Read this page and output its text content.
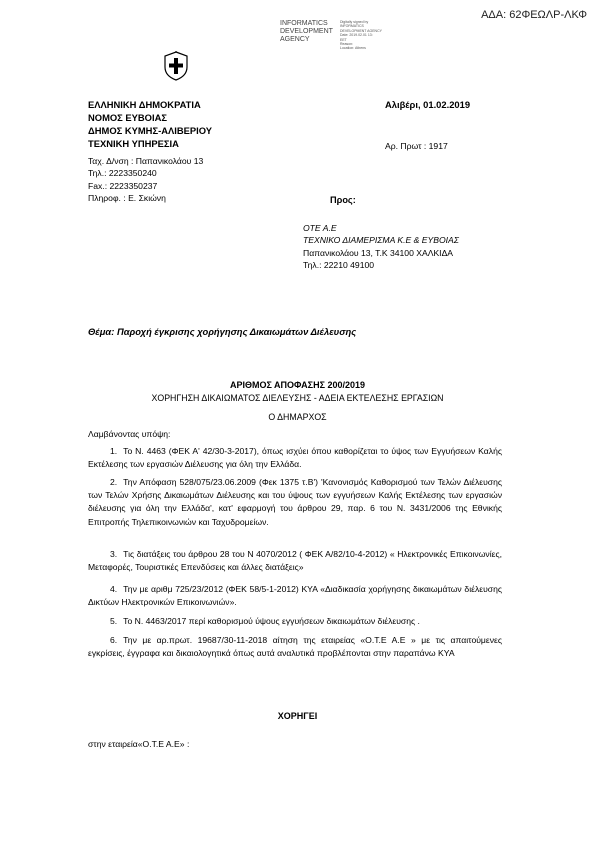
ΑΔΑ: 62ΦΕΩΛΡ-ΛΚΦ
INFORMATICS
DEVELOPMENT
AGENCY
Digitally signed by
INFORMATICS
DEVELOPMENT AGENCY
Date: 2019.02.01 13:
EET
Reason:
Location: Athens
ΕΛΛΗΝΙΚΗ ΔΗΜΟΚΡΑΤΙΑ
ΝΟΜΟΣ ΕΥΒΟΙΑΣ
ΔΗΜΟΣ ΚΥΜΗΣ-ΑΛΙΒΕΡΙΟΥ
ΤΕΧΝΙΚΗ ΥΠΗΡΕΣΙΑ
Αλιβέρι, 01.02.2019
Αρ. Πρωτ : 1917
Ταχ. Δ/νση : Παπανικολάου 13
Τηλ.: 2223350240
Fax.: 2223350237
Πληροφ. : Ε. Σκιώνη	Προς:
ΟΤΕ Α.Ε
ΤΕΧΝΙΚΟ ΔΙΑΜΕΡΙΣΜΑ Κ.Ε & ΕΥΒΟΙΑΣ
Παπανικολάου 13, Τ.Κ 34100 ΧΑΛΚΙΔΑ
Τηλ.: 22210 49100
Θέμα: Παροχή έγκρισης χορήγησης Δικαιωμάτων Διέλευσης
ΑΡΙΘΜΟΣ ΑΠΟΦΑΣΗΣ 200/2019
ΧΟΡΗΓΗΣΗ ΔΙΚΑΙΩΜΑΤΟΣ ΔΙΕΛΕΥΣΗΣ - ΑΔΕΙΑ ΕΚΤΕΛΕΣΗΣ ΕΡΓΑΣΙΩΝ
Ο ΔΗΜΑΡΧΟΣ
Λαμβάνοντας υπόψη:
1. Το Ν. 4463 (ΦΕΚ Α' 42/30-3-2017), όπως ισχύει όπου καθορίζεται το ύψος των Εγγυήσεων Καλής Εκτέλεσης των εργασιών Διέλευσης για όλη την Ελλάδα.
2. Την Απόφαση 528/075/23.06.2009 (Φεκ 1375 τ.Β') 'Κανονισμός Καθορισμού των Τελών Διέλευσης των Τελών Χρήσης Δικαιωμάτων Διέλευσης και του ύψους των εγγυήσεων Καλής Εκτέλεσης των εργασιών διέλευσης για όλη την Ελλάδα', κατ' εφαρμογή του άρθρου 29, παρ. 6 του Ν. 3431/2006 της Εθνικής Επιτροπής Τηλεπικοινωνιών και Ταχυδρομείων.
3. Τις διατάξεις του άρθρου 28 του Ν 4070/2012 ( ΦΕΚ Α/82/10-4-2012) « Ηλεκτρονικές Επικοινωνίες, Μεταφορές, Τουριστικές Επενδύσεις και άλλες διατάξεις»
4. Την με αριθμ 725/23/2012 (ΦΕΚ 58/5-1-2012) ΚΥΑ «Διαδικασία χορήγησης δικαιωμάτων διέλευσης Δικτύων Ηλεκτρονικών Επικοινωνιών».
5. Το Ν. 4463/2017 περί καθορισμού ύψους εγγυήσεων δικαιωμάτων διέλευσης .
6. Την με αρ.πρωτ. 19687/30-11-2018 αίτηση της εταιρείας «Ο.Τ.Ε Α.Ε » με τις απαιτούμενες εγκρίσεις, έγγραφα και δικαιολογητικά όπως αυτά αναλυτικά προβλέπονται στην παραπάνω ΚΥΑ
ΧΟΡΗΓΕΙ
στην εταιρεία«Ο.Τ.Ε Α.Ε» :
